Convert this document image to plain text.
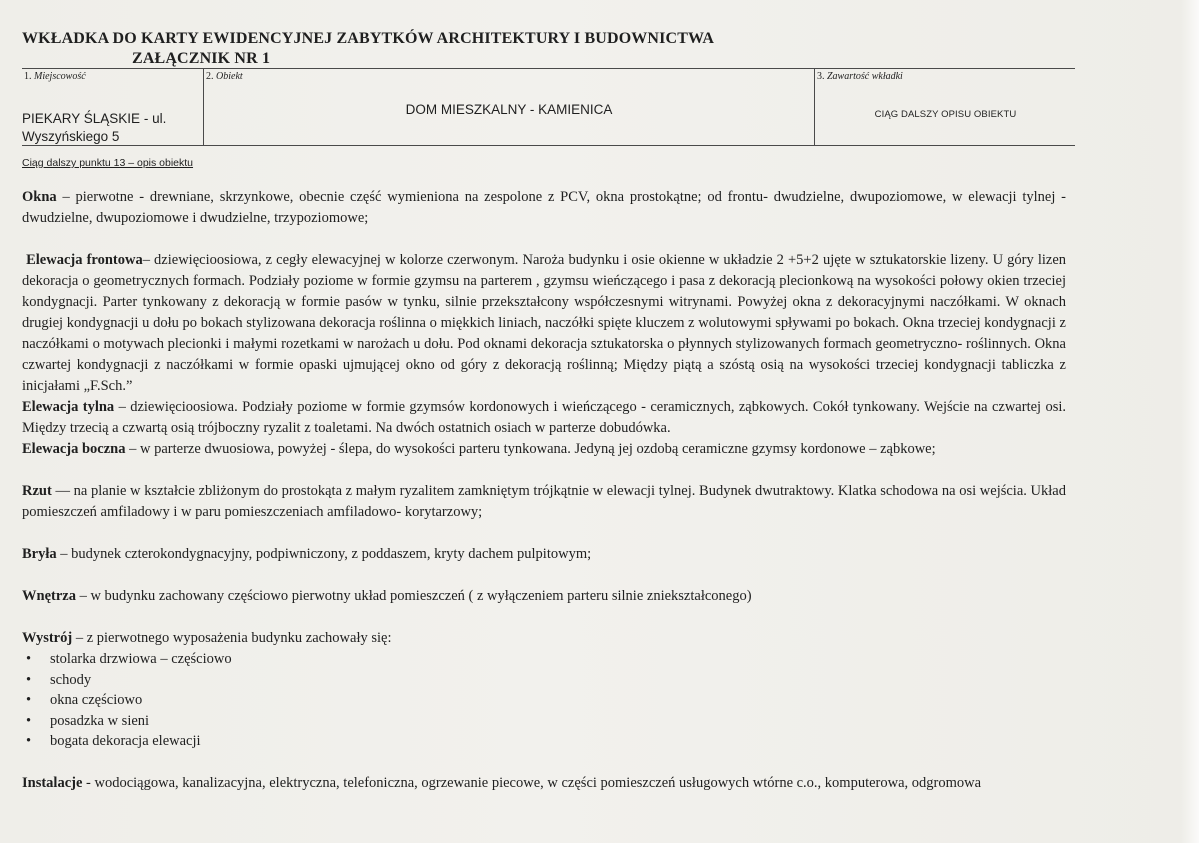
WKŁADKA DO KARTY EWIDENCYJNEJ ZABYTKÓW ARCHITEKTURY I BUDOWNICTWA
ZAŁĄCZNIK NR 1
1. Miejscowość
PIEKARY ŚLĄSKIE - ul.
Wyszyńskiego 5
2. Obiekt
DOM MIESZKALNY - KAMIENICA
3. Zawartość wkładki
CIĄG DALSZY OPISU OBIEKTU
Ciąg dalszy punktu 13 – opis obiektu

Okna – pierwotne - drewniane, skrzynkowe, obecnie część wymieniona na zespolone z PCV, okna prostokątne; od frontu- dwudzielne, dwupoziomowe, w elewacji tylnej - dwudzielne, dwupoziomowe i dwudzielne, trzypoziomowe;

Elewacja frontowa– dziewięcioosiowa, z cegły elewacyjnej w kolorze czerwonym. Naroża budynku i osie okienne w układzie 2 +5+2 ujęte w sztukatorskie lizeny. U góry lizen dekoracja o geometrycznych formach. Podziały poziome w formie gzymsu na parterem , gzymsu wieńczącego i pasa z dekoracją plecionkową na wysokości połowy okien trzeciej kondygnacji. Parter tynkowany z dekoracją w formie pasów w tynku, silnie przekształcony współczesnymi witrynami. Powyżej okna z dekoracyjnymi naczółkami. W oknach drugiej kondygnacji u dołu po bokach stylizowana dekoracja roślinna o miękkich liniach, naczółki spięte kluczem z wolutowymi spływami po bokach. Okna trzeciej kondygnacji z naczółkami o motywach plecionki i małymi rozetkami w narożach u dołu. Pod oknami dekoracja sztukatorska o płynnych stylizowanych formach geometryczno- roślinnych. Okna czwartej kondygnacji z naczółkami w formie opaski ujmującej okno od góry z dekoracją roślinną; Między piątą a szóstą osią na wysokości trzeciej kondygnacji tabliczka z inicjałami „F.Sch.”

Elewacja tylna – dziewięcioosiowa. Podziały poziome w formie gzymsów kordonowych i wieńczącego - ceramicznych, ząbkowych. Cokół tynkowany. Wejście na czwartej osi. Między trzecią a czwartą osią trójboczny ryzalit z toaletami. Na dwóch ostatnich osiach w parterze dobudówka.

Elewacja boczna – w parterze dwuosiowa, powyżej - ślepa, do wysokości parteru tynkowana. Jedyną jej ozdobą ceramiczne gzymsy kordonowe – ząbkowe;

Rzut — na planie w kształcie zbliżonym do prostokąta z małym ryzalitem zamkniętym trójkątnie w elewacji tylnej. Budynek dwutraktowy. Klatka schodowa na osi wejścia. Układ pomieszczeń amfiladowy i w paru pomieszczeniach amfiladowo- korytarzowy;

Bryła – budynek czterokondygnacyjny, podpiwniczony, z poddaszem, kryty dachem pulpitowym;

Wnętrza – w budynku zachowany częściowo pierwotny układ pomieszczeń ( z wyłączeniem parteru silnie zniekształconego)

Wystrój – z pierwotnego wyposażenia budynku zachowały się:

• stolarka drzwiowa – częściowo
• schody
• okna częściowo
• posadzka w sieni
• bogata dekoracja elewacji

Instalacje - wodociągowa, kanalizacyjna, elektryczna, telefoniczna, ogrzewanie piecowe, w części pomieszczeń usługowych wtórne c.o., komputerowa, odgromowa
